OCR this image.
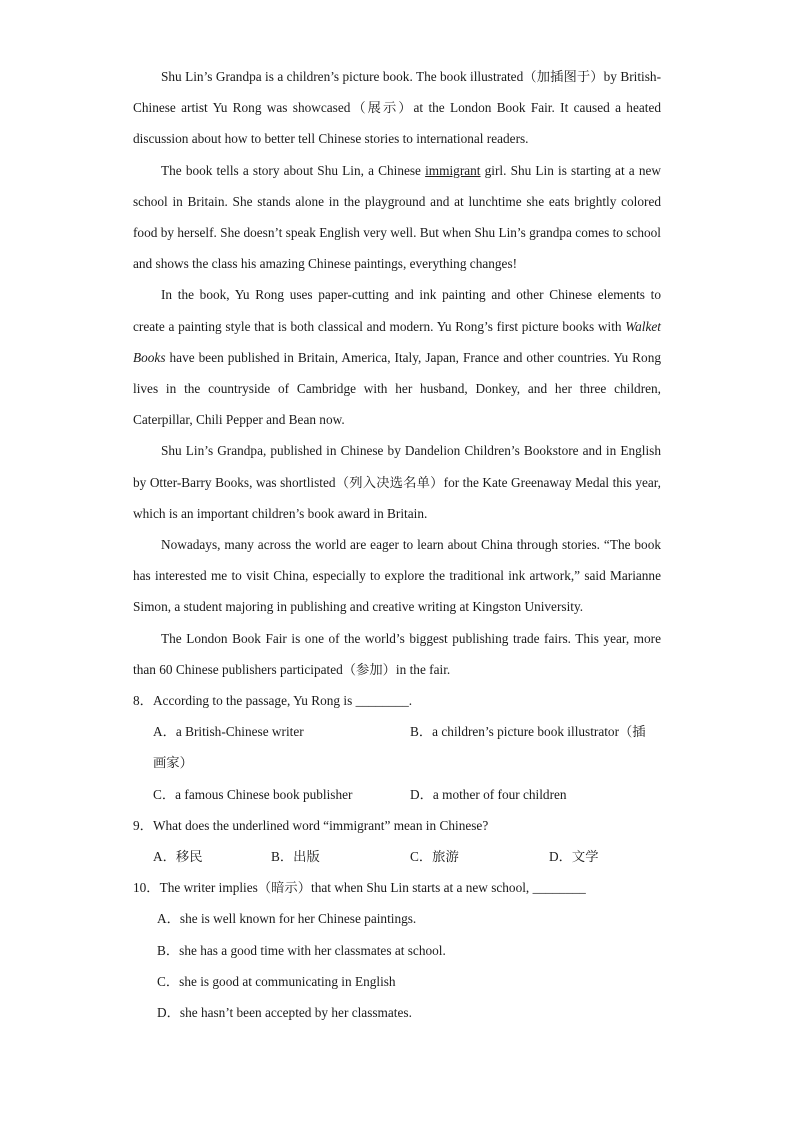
Shu Lin’s Grandpa is a children’s picture book. The book illustrated（加插图于）by British-Chinese artist Yu Rong was showcased（展示）at the London Book Fair. It caused a heated discussion about how to better tell Chinese stories to international readers.

The book tells a story about Shu Lin, a Chinese immigrant girl. Shu Lin is starting at a new school in Britain. She stands alone in the playground and at lunchtime she eats brightly colored food by herself. She doesn’t speak English very well. But when Shu Lin’s grandpa comes to school and shows the class his amazing Chinese paintings, everything changes!

In the book, Yu Rong uses paper-cutting and ink painting and other Chinese elements to create a painting style that is both classical and modern. Yu Rong’s first picture books with Walket Books have been published in Britain, America, Italy, Japan, France and other countries. Yu Rong lives in the countryside of Cambridge with her husband, Donkey, and her three children, Caterpillar, Chili Pepper and Bean now.

Shu Lin’s Grandpa, published in Chinese by Dandelion Children’s Bookstore and in English by Otter-Barry Books, was shortlisted（列入决选名单）for the Kate Greenaway Medal this year, which is an important children’s book award in Britain.

Nowadays, many across the world are eager to learn about China through stories. “The book has interested me to visit China, especially to explore the traditional ink artwork,” said Marianne Simon, a student majoring in publishing and creative writing at Kingston University.

The London Book Fair is one of the world’s biggest publishing trade fairs. This year, more than 60 Chinese publishers participated（参加）in the fair.

8．According to the passage, Yu Rong is ________.

A．a British-Chinese writer	B．a children’s picture book illustrator（插
画家）
C．a famous Chinese book publisher	D．a mother of four children

9．What does the underlined word “immigrant” mean in Chinese?

A．移民	B．出版	C．旅游	D．文学

10．The writer implies（暗示）that when Shu Lin starts at a new school, ________

A．she is well known for her Chinese paintings.
B．she has a good time with her classmates at school.
C．she is good at communicating in English
D．she hasn’t been accepted by her classmates.
